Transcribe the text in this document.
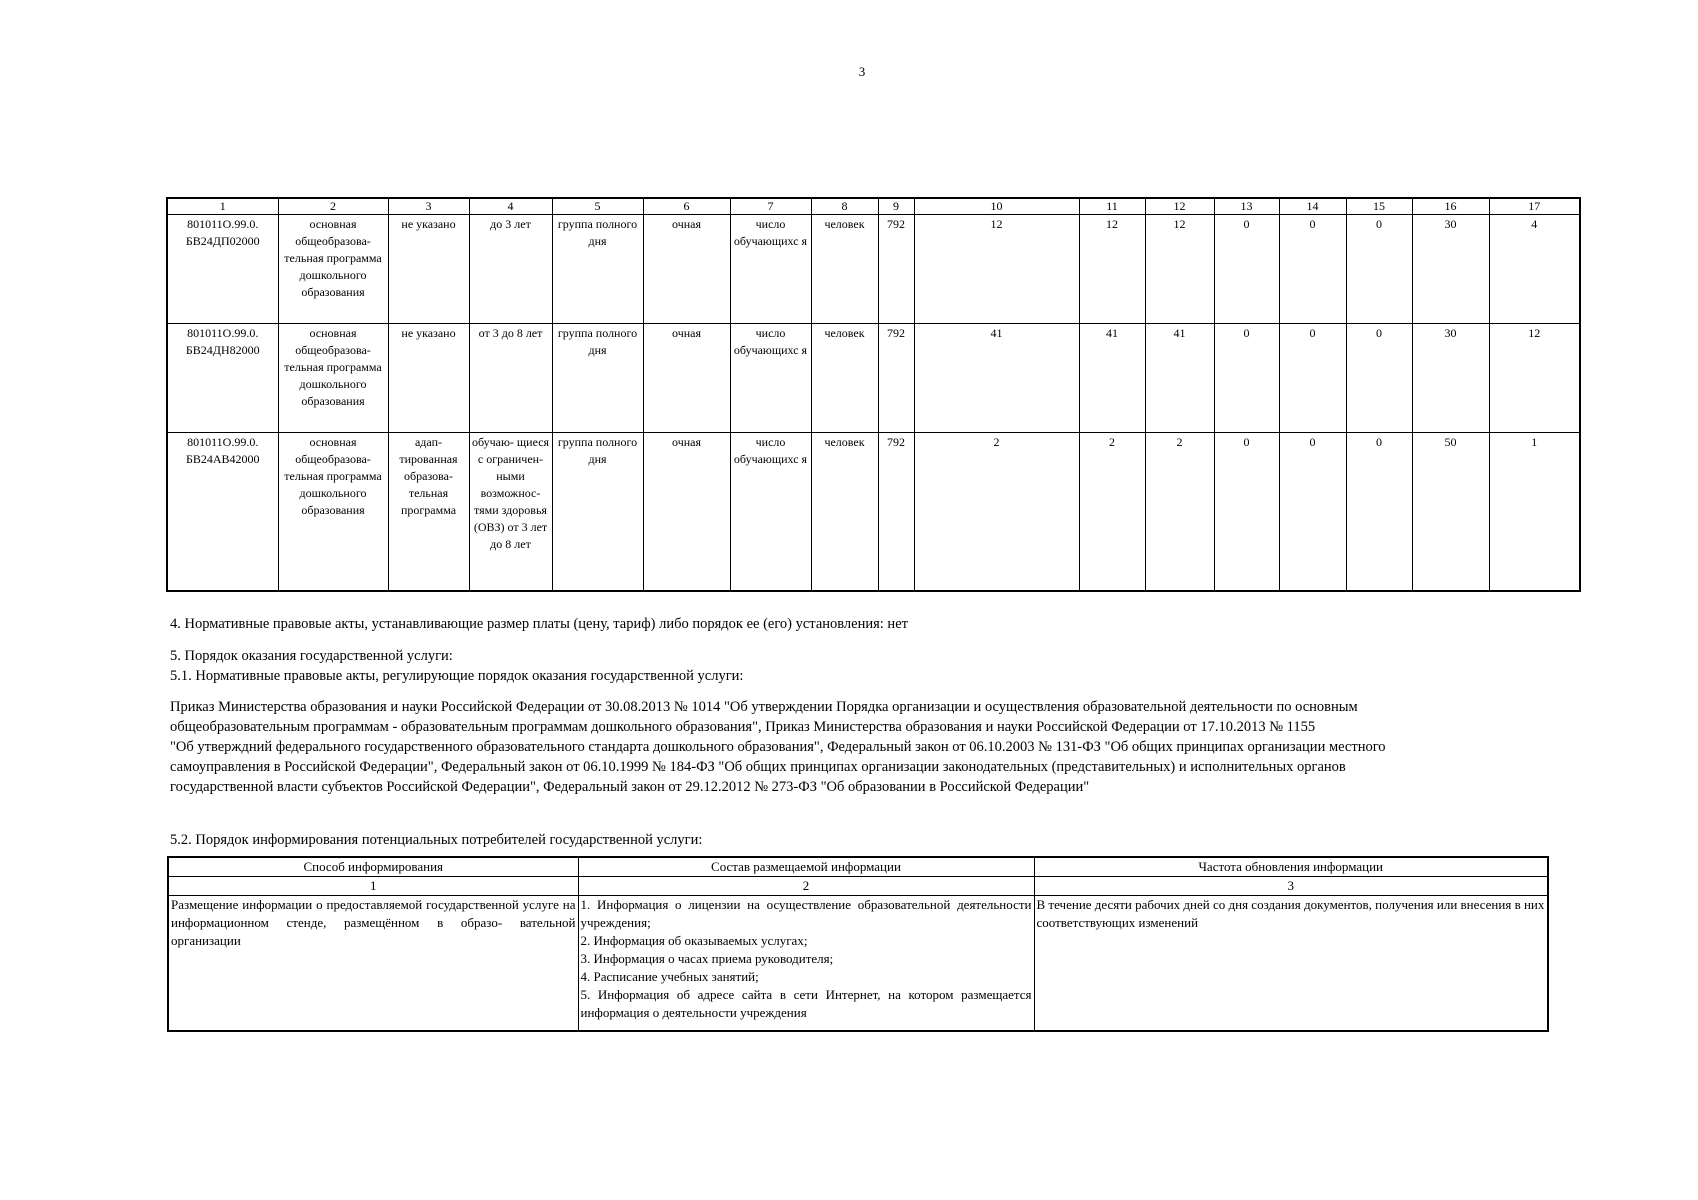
3
1	2	3	4	5	6	7	8	9	10	11	12	13	14	15	16	17
801011О.99.0. БВ24ДП02000	основная общеобразова- тельная программа дошкольного образования	не указано	до 3 лет	группа полного дня	очная	число обучающихс я	человек	792	12	12	12	0	0	0	30	4
801011О.99.0. БВ24ДН82000	основная общеобразова- тельная программа дошкольного образования	не указано	от 3 до 8 лет	группа полного дня	очная	число обучающихс я	человек	792	41	41	41	0	0	0	30	12
801011О.99.0. БВ24АВ42000	основная общеобразова- тельная программа дошкольного образования	адап- тированная образова- тельная программа	обучаю- щиеся с ограничен- ными возможнос- тями здоровья (ОВЗ) от 3 лет до 8 лет	группа полного дня	очная	число обучающихс я	человек	792	2	2	2	0	0	0	50	1
4. Нормативные правовые акты, устанавливающие размер платы (цену, тариф) либо порядок ее (его) установления: нет
5. Порядок оказания государственной услуги:
5.1. Нормативные правовые акты, регулирующие порядок оказания государственной услуги:
Приказ Министерства образования и науки Российской Федерации от 30.08.2013 № 1014 "Об утверждении Порядка организации и осуществления образовательной деятельности по основным
общеобразовательным программам - образовательным программам дошкольного образования", Приказ Министерства образования и науки Российской Федерации от 17.10.2013 № 1155
"Об утверждний федерального государственного образовательного стандарта дошкольного образования", Федеральный закон от 06.10.2003 № 131-ФЗ "Об общих принципах организации местного
самоуправления в Российской Федерации", Федеральный закон от 06.10.1999 № 184-ФЗ "Об общих принципах организации законодательных (представительных) и исполнительных органов
государственной власти субъектов Российской Федерации", Федеральный закон от 29.12.2012 № 273-ФЗ "Об образовании в Российской Федерации"
5.2. Порядок информирования потенциальных потребителей государственной услуги:
Способ информирования	Состав размещаемой информации	Частота обновления информации
1	2	3
Размещение информации о предоставляемой государственной услуге на информационном стенде, размещённом в образо- вательной организации	1. Информация о лицензии на осуществление образовательной деятельности учреждения;
2. Информация об оказываемых услугах;
3. Информация о часах приема руководителя;
4. Расписание учебных занятий;
5. Информация об адресе сайта в сети Интернет, на котором размещается информация о деятельности учреждения	В течение десяти рабочих дней со дня создания документов, получения или внесения в них соответствующих изменений
